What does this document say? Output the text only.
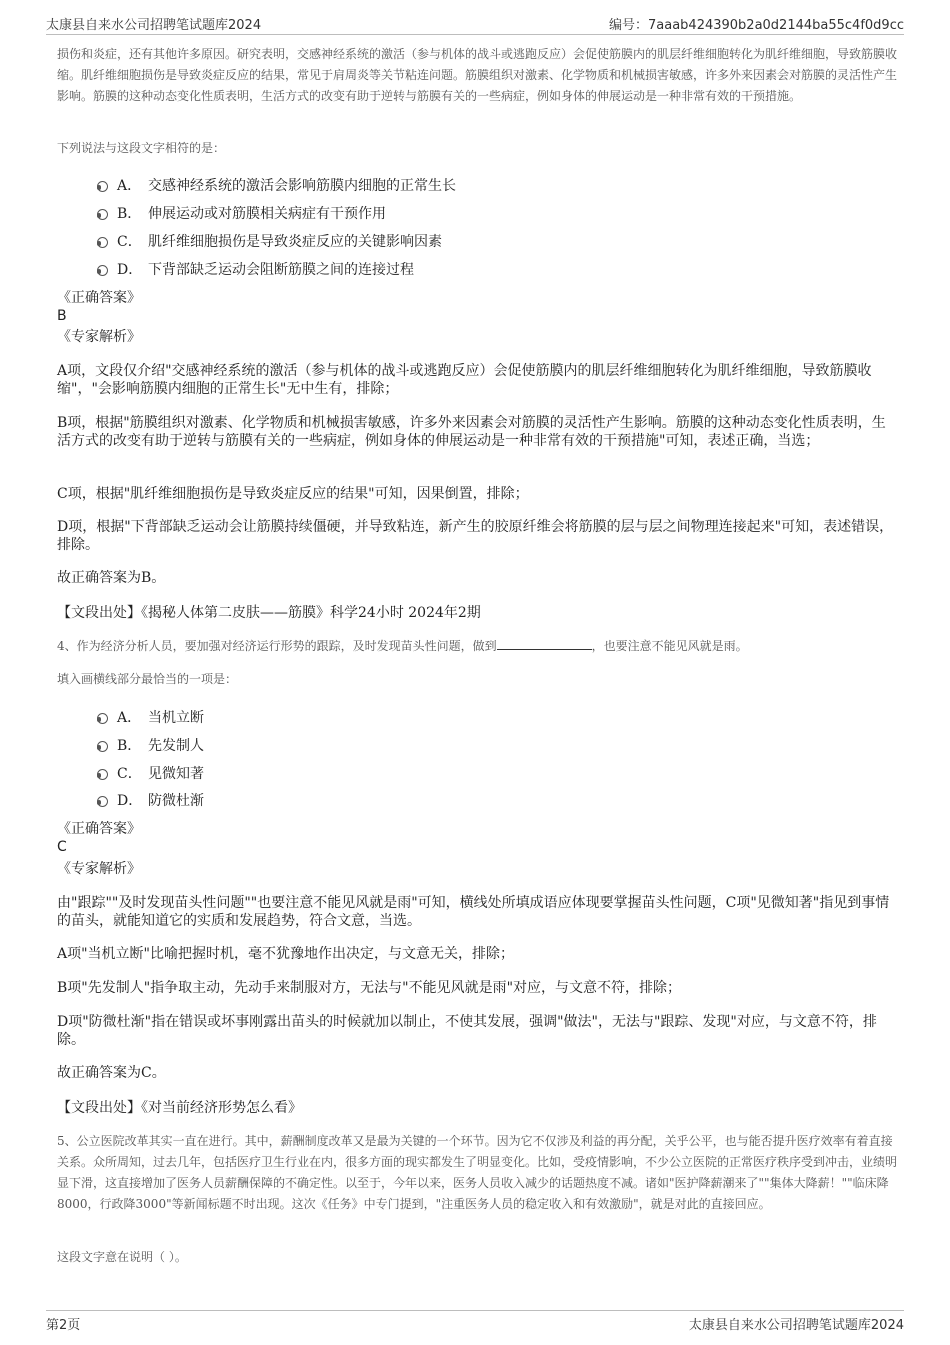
太康县自来水公司招聘笔试题库2024	编号：7aaab424390b2a0d2144ba55c4f0d9cc
损伤和炎症，还有其他许多原因。研究表明，交感神经系统的激活（参与机体的战斗或逃跑反应）会促使筋膜内的肌层纤维细胞转化为肌纤维细胞，导致筋膜收缩。肌纤维细胞损伤是导致炎症反应的结果，常见于肩周炎等关节粘连问题。筋膜组织对激素、化学物质和机械损害敏感，许多外来因素会对筋膜的灵活性产生影响。筋膜的这种动态变化性质表明，生活方式的改变有助于逆转与筋膜有关的一些病症，例如身体的伸展运动是一种非常有效的干预措施。
下列说法与这段文字相符的是：
A． 交感神经系统的激活会影响筋膜内细胞的正常生长
B． 伸展运动或对筋膜相关病症有干预作用
C． 肌纤维细胞损伤是导致炎症反应的关键影响因素
D． 下背部缺乏运动会阻断筋膜之间的连接过程
《正确答案》
B
《专家解析》
A项，文段仅介绍"交感神经系统的激活（参与机体的战斗或逃跑反应）会促使筋膜内的肌层纤维细胞转化为肌纤维细胞，导致筋膜收缩"，"会影响筋膜内细胞的正常生长"无中生有，排除；
B项，根据"筋膜组织对激素、化学物质和机械损害敏感，许多外来因素会对筋膜的灵活性产生影响。筋膜的这种动态变化性质表明，生活方式的改变有助于逆转与筋膜有关的一些病症，例如身体的伸展运动是一种非常有效的干预措施"可知，表述正确，当选；
C项，根据"肌纤维细胞损伤是导致炎症反应的结果"可知，因果倒置，排除；
D项，根据"下背部缺乏运动会让筋膜持续僵硬，并导致粘连，新产生的胶原纤维会将筋膜的层与层之间物理连接起来"可知，表述错误，排除。
故正确答案为B。
【文段出处】《揭秘人体第二皮肤——筋膜》科学24小时 2024年2期
4、作为经济分析人员，要加强对经济运行形势的跟踪，及时发现苗头性问题，做到	，也要注意不能见风就是雨。
填入画横线部分最恰当的一项是：
A． 当机立断
B． 先发制人
C． 见微知著
D． 防微杜渐
《正确答案》
C
《专家解析》
由"跟踪""及时发现苗头性问题""也要注意不能见风就是雨"可知，横线处所填成语应体现要掌握苗头性问题，C项"见微知著"指见到事情的苗头，就能知道它的实质和发展趋势，符合文意，当选。
A项"当机立断"比喻把握时机，毫不犹豫地作出决定，与文意无关，排除；
B项"先发制人"指争取主动，先动手来制服对方，无法与"不能见风就是雨"对应，与文意不符，排除；
D项"防微杜渐"指在错误或坏事刚露出苗头的时候就加以制止，不使其发展，强调"做法"，无法与"跟踪、发现"对应，与文意不符，排除。
故正确答案为C。
【文段出处】《对当前经济形势怎么看》
5、公立医院改革其实一直在进行。其中，薪酬制度改革又是最为关键的一个环节。因为它不仅涉及利益的再分配，关乎公平，也与能否提升医疗效率有着直接关系。众所周知，过去几年，包括医疗卫生行业在内，很多方面的现实都发生了明显变化。比如，受疫情影响，不少公立医院的正常医疗秩序受到冲击，业绩明显下滑，这直接增加了医务人员薪酬保障的不确定性。以至于，今年以来，医务人员收入减少的话题热度不减。诸如"医护降薪潮来了""集体大降薪！""临床降8000，行政降3000"等新闻标题不时出现。这次《任务》中专门提到，"注重医务人员的稳定收入和有效激励"，就是对此的直接回应。
这段文字意在说明（ ）。
第2页	太康县自来水公司招聘笔试题库2024
